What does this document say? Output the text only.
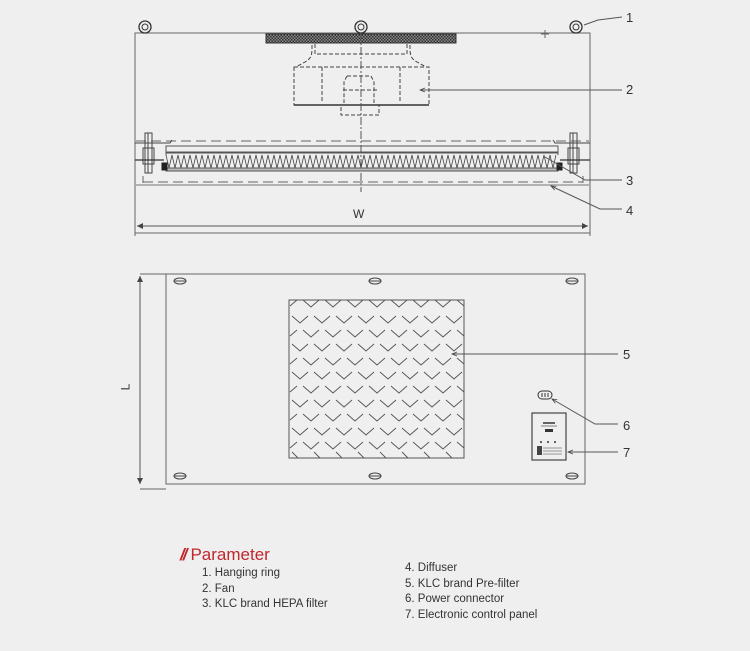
1
2
3
4
5
6
7
W
L
// Parameter
1. Hanging ring
2. Fan
3. KLC brand HEPA filter
4. Diffuser
5. KLC brand Pre-filter
6. Power connector
7. Electronic control panel
